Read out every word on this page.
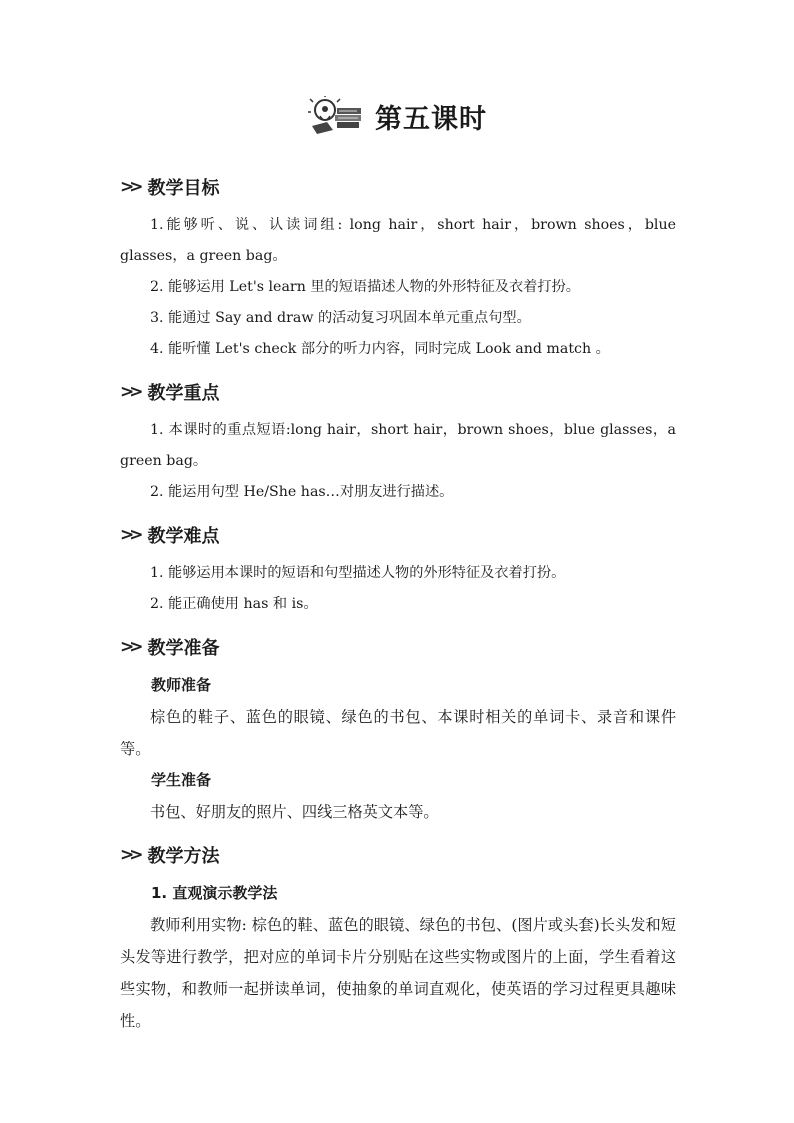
第五课时
>> 教学目标

1.能够听、说、认读词组: long hair，short hair，brown shoes，blue glasses，a green bag。

2. 能够运用 Let's learn 里的短语描述人物的外形特征及衣着打扮。

3. 能通过 Say and draw 的活动复习巩固本单元重点句型。

4. 能听懂 Let's check 部分的听力内容，同时完成 Look and match 。

>> 教学重点

1. 本课时的重点短语:long hair，short hair，brown shoes，blue glasses，a green bag。

2. 能运用句型 He/She has…对朋友进行描述。

>> 教学难点

1. 能够运用本课时的短语和句型描述人物的外形特征及衣着打扮。

2. 能正确使用 has 和 is。

>> 教学准备
教师准备

棕色的鞋子、蓝色的眼镜、绿色的书包、本课时相关的单词卡、录音和课件等。

学生准备

书包、好朋友的照片、四线三格英文本等。

>> 教学方法
1. 直观演示教学法

教师利用实物: 棕色的鞋、蓝色的眼镜、绿色的书包、(图片或头套)长头发和短头发等进行教学，把对应的单词卡片分别贴在这些实物或图片的上面，学生看着这些实物，和教师一起拼读单词，使抽象的单词直观化，使英语的学习过程更具趣味性。
